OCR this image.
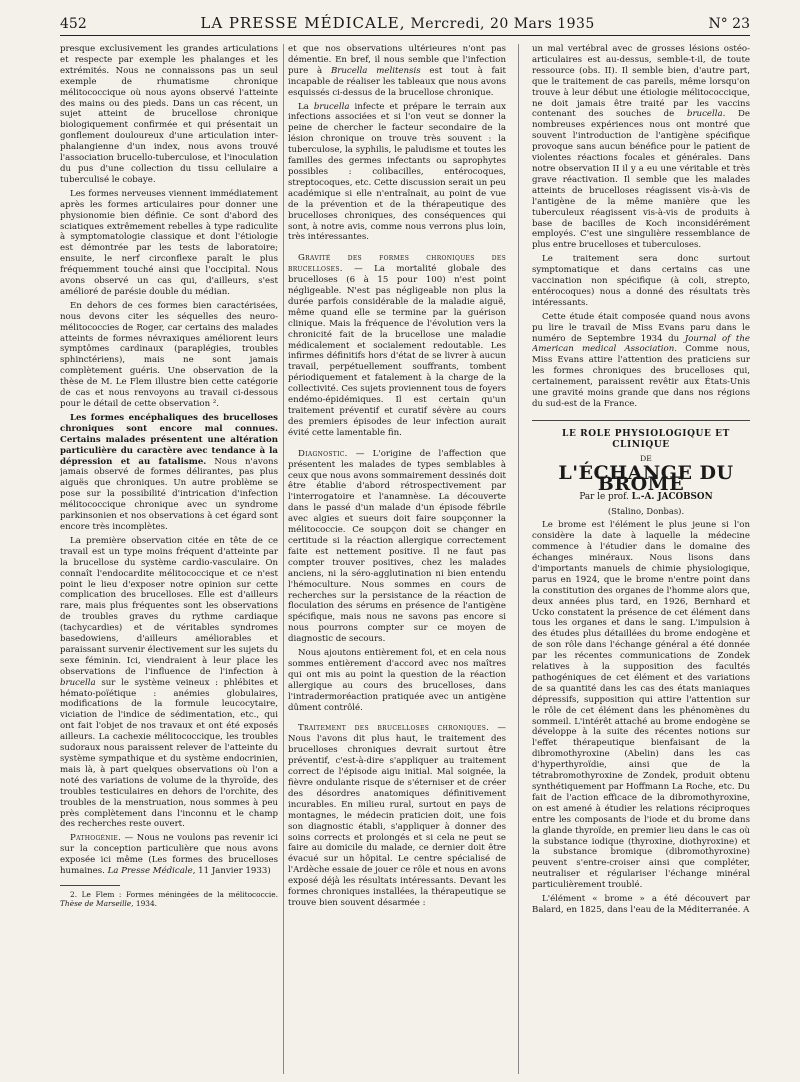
452	LA PRESSE MÉDICALE, Mercredi, 20 Mars 1935	N° 23

presque exclusivement les grandes articulations et respecte par exemple les phalanges et les extrémités. Nous ne connaissons pas un seul exemple de rhumatisme chronique mélitococcique où nous ayons observé l'atteinte des mains ou des pieds. Dans un cas récent, un sujet atteint de brucellose chronique biologiquement confirmée et qui présentait un gonflement douloureux d'une articulation inter-phalangienne d'un index, nous avons trouvé l'association brucello-tuberculose, et l'inoculation du pus d'une collection du tissu cellulaire a tuberculisé le cobaye.

Les formes nerveuses viennent immédiatement après les formes articulaires pour donner une physionomie bien définie. Ce sont d'abord des sciatiques extrêmement rebelles à type radiculite à symptomatologie classique et dont l'étiologie est démontrée par les tests de laboratoire; ensuite, le nerf circonflexe paraît le plus fréquemment touché ainsi que l'occipital. Nous avons observé un cas qui, d'ailleurs, s'est amélioré de parésie double du médian.

En dehors de ces formes bien caractérisées, nous devons citer les séquelles des neuro-mélitococcies de Roger, car certains des malades atteints de formes névraxiques améliorent leurs symptômes cardinaux (paraplégies, troubles sphinctériens), mais ne sont jamais complètement guéris. Une observation de la thèse de M. Le Flem illustre bien cette catégorie de cas et nous renvoyons au travail ci-dessous pour le détail de cette observation ².

Les formes encéphaliques des brucelloses chroniques sont encore mal connues. Certains malades présentent une altération particulière du caractère avec tendance à la dépression et au fatalisme. Nous n'avons jamais observé de formes délirantes, pas plus aiguës que chroniques. Un autre problème se pose sur la possibilité d'intrication d'infection mélitococcique chronique avec un syndrome parkinsonien et nos observations à cet égard sont encore très incomplètes.

La première observation citée en tête de ce travail est un type moins fréquent d'atteinte par la brucellose du système cardio-vasculaire. On connaît l'endocardite mélitococcique et ce n'est point le lieu d'exposer notre opinion sur cette complication des brucelloses. Elle est d'ailleurs rare, mais plus fréquentes sont les observations de troubles graves du rythme cardiaque (tachycardies) et de véritables syndromes basedowiens, d'ailleurs améliorables et paraissant survenir électivement sur les sujets du sexe féminin. Ici, viendraient à leur place les observations de l'influence de l'infection à brucella sur le système veineux : phlébites et hémato-poïétique : anémies globulaires, modifications de la formule leucocytaire, viciation de l'indice de sédimentation, etc., qui ont fait l'objet de nos travaux et ont été exposés ailleurs. La cachexie mélitococcique, les troubles sudoraux nous paraissent relever de l'atteinte du système sympathique et du système endocrinien, mais là, à part quelques observations où l'on a noté des variations de volume de la thyroïde, des troubles testiculaires en dehors de l'orchite, des troubles de la menstruation, nous sommes à peu près complètement dans l'inconnu et le champ des recherches reste ouvert.

Pathogénie. — Nous ne voulons pas revenir ici sur la conception particulière que nous avons exposée ici même (Les formes des brucelloses humaines. La Presse Médicale, 11 Janvier 1933)

2. Le Flem : Formes méningées de la mélitococcie. Thèse de Marseille, 1934.

et que nos observations ultérieures n'ont pas démentie. En bref, il nous semble que l'infection pure à Brucella melitensis est tout à fait incapable de réaliser les tableaux que nous avons esquissés ci-dessus de la brucellose chronique.

La brucella infecte et prépare le terrain aux infections associées et si l'on veut se donner la peine de chercher le facteur secondaire de la lésion chronique on trouve très souvent : la tuberculose, la syphilis, le paludisme et toutes les familles des germes infectants ou saprophytes possibles : colibacilles, entérocoques, streptocoques, etc. Cette discussion serait un peu académique si elle n'entraînait, au point de vue de la prévention et de la thérapeutique des brucelloses chroniques, des conséquences qui sont, à notre avis, comme nous verrons plus loin, très intéressantes.

Gravité des formes chroniques des brucelloses. — La mortalité globale des brucelloses (6 à 15 pour 100) n'est point négligeable. N'est pas négligeable non plus la durée parfois considérable de la maladie aiguë, même quand elle se termine par la guérison clinique. Mais la fréquence de l'évolution vers la chronicité fait de la brucellose une maladie médicalement et socialement redoutable. Les infirmes définitifs hors d'état de se livrer à aucun travail, perpétuellement souffrants, tombent périodiquement et fatalement à la charge de la collectivité. Ces sujets proviennent tous de foyers endémo-épidémiques. Il est certain qu'un traitement préventif et curatif sévère au cours des premiers épisodes de leur infection aurait évité cette lamentable fin.

Diagnostic. — L'origine de l'affection que présentent les malades de types semblables à ceux que nous avons sommairement dessinés doit être établie d'abord rétrospectivement par l'interrogatoire et l'anamnèse. La découverte dans le passé d'un malade d'un épisode fébrile avec algies et sueurs doit faire soupçonner la mélitococcie. Ce soupçon doit se changer en certitude si la réaction allergique correctement faite est nettement positive. Il ne faut pas compter trouver positives, chez les malades anciens, ni la séro-agglutination ni bien entendu l'hémoculture. Nous sommes en cours de recherches sur la persistance de la réaction de floculation des sérums en présence de l'antigène spécifique, mais nous ne savons pas encore si nous pourrons compter sur ce moyen de diagnostic de secours.

Nous ajoutons entièrement foi, et en cela nous sommes entièrement d'accord avec nos maîtres qui ont mis au point la question de la réaction allergique au cours des brucelloses, dans l'intradermoréaction pratiquée avec un antigène dûment contrôlé.

Traitement des brucelloses chroniques. — Nous l'avons dit plus haut, le traitement des brucelloses chroniques devrait surtout être préventif, c'est-à-dire s'appliquer au traitement correct de l'épisode aigu initial. Mal soignée, la fièvre ondulante risque de s'éterniser et de créer des désordres anatomiques définitivement incurables. En milieu rural, surtout en pays de montagnes, le médecin praticien doit, une fois son diagnostic établi, s'appliquer à donner des soins corrects et prolongés et si cela ne peut se faire au domicile du malade, ce dernier doit être évacué sur un hôpital. Le centre spécialisé de l'Ardèche essaie de jouer ce rôle et nous en avons exposé déjà les résultats intéressants. Devant les formes chroniques installées, la thérapeutique se trouve bien souvent désarmée :

un mal vertébral avec de grosses lésions ostéo-articulaires est au-dessus, semble-t-il, de toute ressource (obs. II). Il semble bien, d'autre part, que le traitement de cas pareils, même lorsqu'on trouve à leur début une étiologie mélitococcique, ne doit jamais être traité par les vaccins contenant des souches de brucella. De nombreuses expériences nous ont montré que souvent l'introduction de l'antigène spécifique provoque sans aucun bénéfice pour le patient de violentes réactions focales et générales. Dans notre observation II il y a eu une véritable et très grave réactivation. Il semble que les malades atteints de brucelloses réagissent vis-à-vis de l'antigène de la même manière que les tuberculeux réagissent vis-à-vis de produits à base de bacilles de Koch inconsidérément employés. C'est une singulière ressemblance de plus entre brucelloses et tuberculoses.

Le traitement sera donc surtout symptomatique et dans certains cas une vaccination non spécifique (à coli, strepto, entérocoques) nous a donné des résultats très intéressants.

Cette étude était composée quand nous avons pu lire le travail de Miss Evans paru dans le numéro de Septembre 1934 du Journal of the American medical Association. Comme nous, Miss Evans attire l'attention des praticiens sur les formes chroniques des brucelloses qui, certainement, paraissent revêtir aux États-Unis une gravité moins grande que dans nos régions du sud-est de la France.

LE ROLE PHYSIOLOGIQUE ET CLINIQUE

DE

L'ÉCHANGE DU BROME

Par le prof. L.-A. JACOBSON

(Stalino, Donbas).

Le brome est l'élément le plus jeune si l'on considère la date à laquelle la médecine commence à l'étudier dans le domaine des échanges minéraux. Nous lisons dans d'importants manuels de chimie physiologique, parus en 1924, que le brome n'entre point dans la constitution des organes de l'homme alors que, deux années plus tard, en 1926, Bernhard et Ucko constatent la présence de cet élément dans tous les organes et dans le sang. L'impulsion à des études plus détaillées du brome endogène et de son rôle dans l'échange général a été donnée par les récentes communications de Zondek relatives à la supposition des facultés pathogéniques de cet élément et des variations de sa quantité dans les cas des états maniaques dépressifs, supposition qui attire l'attention sur le rôle de cet élément dans les phénomènes du sommeil. L'intérêt attaché au brome endogène se développe à la suite des récentes notions sur l'effet thérapeutique bienfaisant de la dibromothyroxine (Abelin) dans les cas d'hyperthyroïdie, ainsi que de la tétrabromothyroxine de Zondek, produit obtenu synthétiquement par Hoffmann La Roche, etc. Du fait de l'action efficace de la dibromothyroxine, on est amené à étudier les relations réciproques entre les composants de l'iode et du brome dans la glande thyroïde, en premier lieu dans le cas où la substance iodique (thyroxine, diothyroxine) et la substance bromique (dibromothyroxine) peuvent s'entre-croiser ainsi que compléter, neutraliser et régulariser l'échange minéral particulièrement troublé.

L'élément « brome » a été découvert par Balard, en 1825, dans l'eau de la Méditerranée. A
